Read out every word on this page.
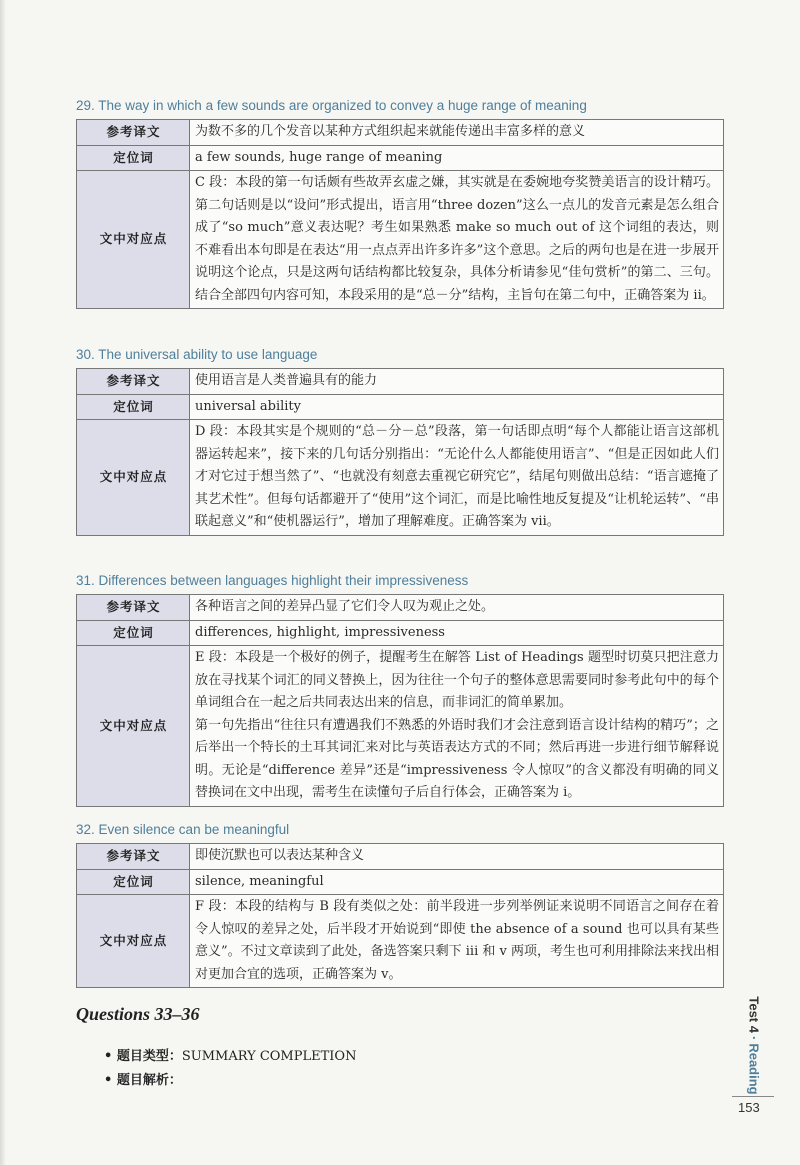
29. The way in which a few sounds are organized to convey a huge range of meaning
参考译文	为数不多的几个发音以某种方式组织起来就能传递出丰富多样的意义
定位词	a few sounds, huge range of meaning
文中对应点	C 段：本段的第一句话颇有些故弄玄虚之嫌，其实就是在委婉地夸奖赞美语言的设计精巧。第二句话则是以“设问”形式提出，语言用“three dozen”这么一点儿的发音元素是怎么组合成了“so much”意义表达呢？考生如果熟悉 make so much out of 这个词组的表达，则不难看出本句即是在表达“用一点点弄出许多许多”这个意思。之后的两句也是在进一步展开说明这个论点，只是这两句话结构都比较复杂，具体分析请参见“佳句赏析”的第二、三句。结合全部四句内容可知，本段采用的是“总－分”结构，主旨句在第二句中，正确答案为 ii。
30. The universal ability to use language
参考译文	使用语言是人类普遍具有的能力
定位词	universal ability
文中对应点	D 段：本段其实是个规则的“总－分－总”段落，第一句话即点明“每个人都能让语言这部机器运转起来”，接下来的几句话分别指出：“无论什么人都能使用语言”、“但是正因如此人们才对它过于想当然了”、“也就没有刻意去重视它研究它”，结尾句则做出总结：“语言遮掩了其艺术性”。但每句话都避开了“使用”这个词汇，而是比喻性地反复提及“让机轮运转”、“串联起意义”和“使机器运行”，增加了理解难度。正确答案为 vii。
31. Differences between languages highlight their impressiveness
参考译文	各种语言之间的差异凸显了它们令人叹为观止之处。
定位词	differences, highlight, impressiveness
文中对应点	E 段：本段是一个极好的例子，提醒考生在解答 List of Headings 题型时切莫只把注意力放在寻找某个词汇的同义替换上，因为往往一个句子的整体意思需要同时参考此句中的每个单词组合在一起之后共同表达出来的信息，而非词汇的简单累加。
第一句先指出“往往只有遭遇我们不熟悉的外语时我们才会注意到语言设计结构的精巧”；之后举出一个特长的土耳其词汇来对比与英语表达方式的不同；然后再进一步进行细节解释说明。无论是“difference 差异”还是“impressiveness 令人惊叹”的含义都没有明确的同义替换词在文中出现，需考生在读懂句子后自行体会，正确答案为 i。
32. Even silence can be meaningful
参考译文	即使沉默也可以表达某种含义
定位词	silence, meaningful
文中对应点	F 段：本段的结构与 B 段有类似之处：前半段进一步列举例证来说明不同语言之间存在着令人惊叹的差异之处，后半段才开始说到“即使 the absence of a sound 也可以具有某些意义”。不过文章读到了此处，备选答案只剩下 iii 和 v 两项，考生也可利用排除法来找出相对更加合宜的选项，正确答案为 v。
Questions 33–36
• 题目类型：SUMMARY COMPLETION
• 题目解析：
Test 4·Reading
153
